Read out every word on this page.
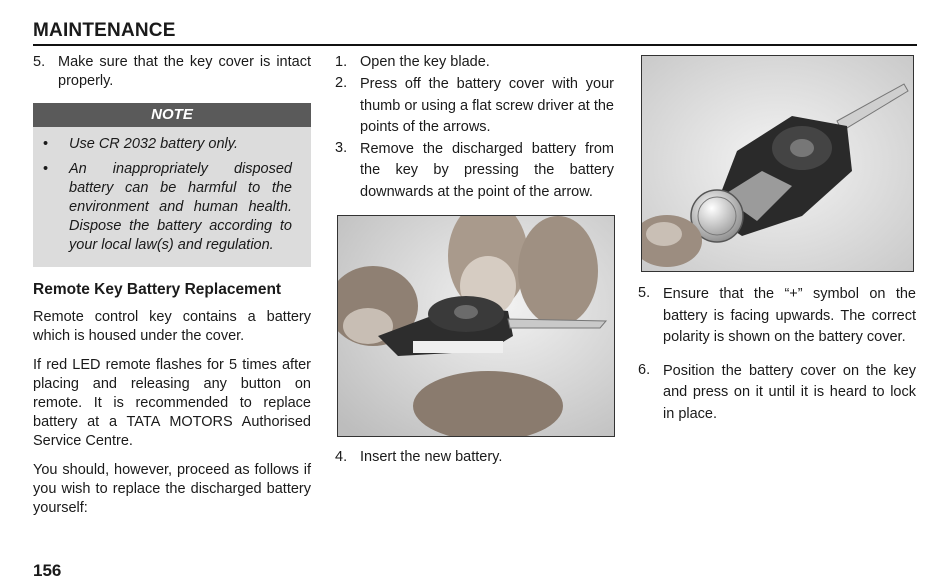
MAINTENANCE
5. Make sure that the key cover is intact properly.
NOTE
•	Use CR 2032 battery only.
•	An inappropriately disposed battery can be harmful to the environment and human health. Dispose the battery according to your local law(s) and regulation.
Remote Key Battery Replacement

Remote control key contains a battery which is housed under the cover.

If red LED remote flashes for 5 times after placing and releasing any button on remote. It is recommended to replace battery at a TATA MOTORS Authorised Service Centre.

You should, however, proceed as follows if you wish to replace the discharged battery yourself:

1. Open the key blade.
2. Press off the battery cover with your thumb or using a flat screw driver at the points of the arrows.
3. Remove the discharged battery from the key by pressing the battery downwards at the point of the arrow.
4. Insert the new battery.
5. Ensure that the “+” symbol on the battery is facing upwards. The correct polarity is shown on the battery cover.
6. Position the battery cover on the key and press on it until it is heard to lock in place.
156
